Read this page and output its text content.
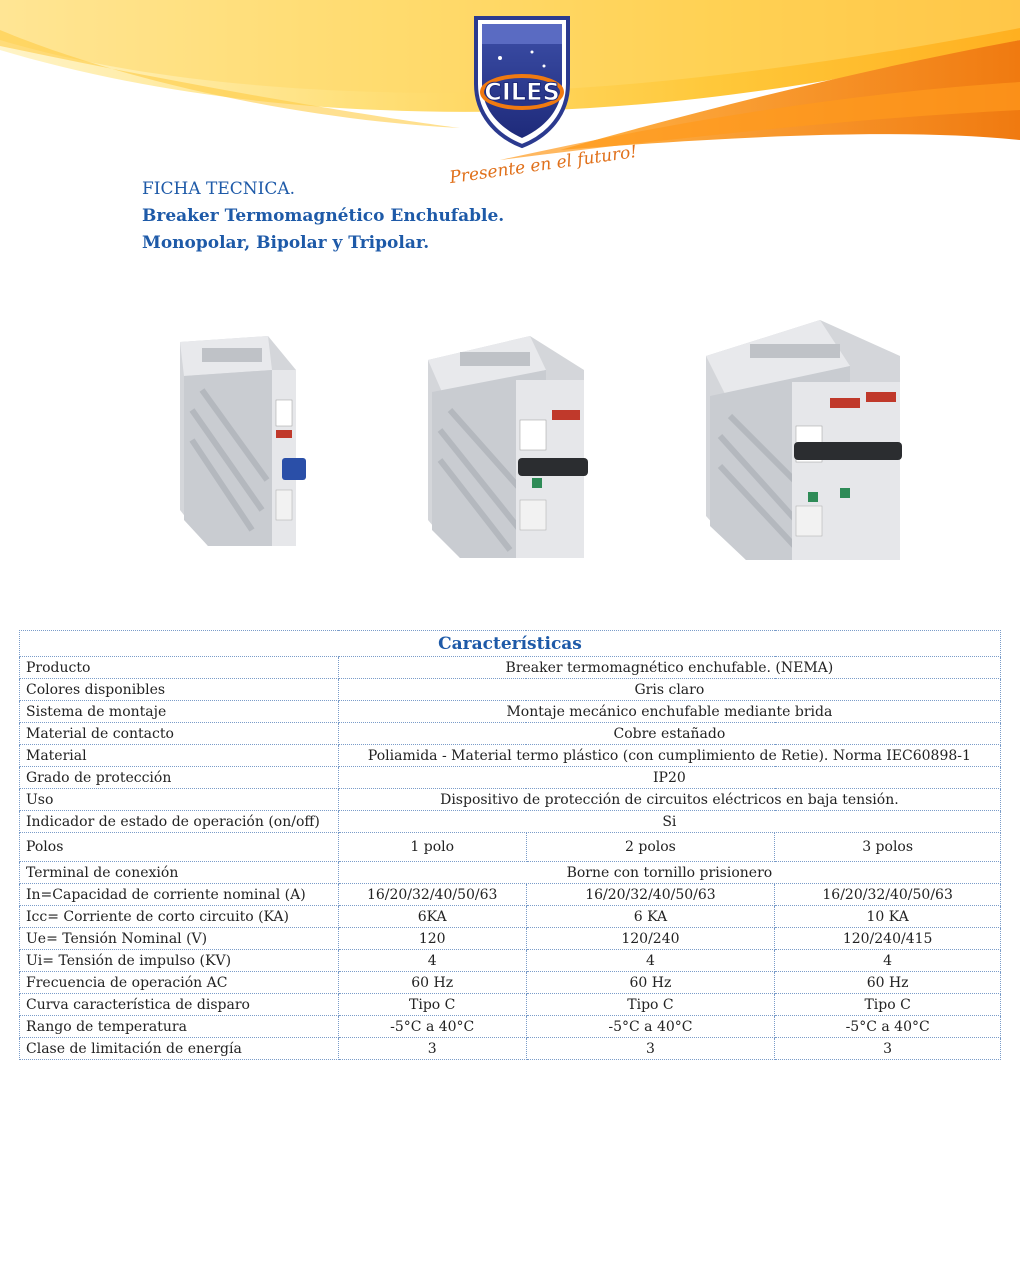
CILES
Presente en el futuro!
FICHA TECNICA.
Breaker Termomagnético Enchufable.
Monopolar, Bipolar y Tripolar.
Características			
Producto	Breaker termomagnético enchufable. (NEMA)		
Colores disponibles	Gris claro		
Sistema de montaje	Montaje mecánico enchufable mediante brida		
Material de contacto	Cobre estañado		
Material	Poliamida - Material termo plástico (con cumplimiento de Retie). Norma IEC60898-1		
Grado de protección	IP20		
Uso	Dispositivo de protección de circuitos eléctricos en baja tensión.		
Indicador de estado de operación (on/off)	Si		
Polos	1 polo	2 polos	3 polos
Terminal de conexión	Borne con tornillo prisionero		
In=Capacidad de corriente nominal (A)	16/20/32/40/50/63	16/20/32/40/50/63	16/20/32/40/50/63
Icc= Corriente de corto circuito (KA)	6KA	6 KA	10 KA
Ue= Tensión Nominal (V)	120	120/240	120/240/415
Ui= Tensión de impulso (KV)	4	4	4
Frecuencia de operación AC	60 Hz	60 Hz	60 Hz
Curva característica de disparo	Tipo C	Tipo C	Tipo C
Rango de temperatura	-5°C a 40°C	-5°C a 40°C	-5°C a 40°C
Clase de limitación de energía	3	3	3
